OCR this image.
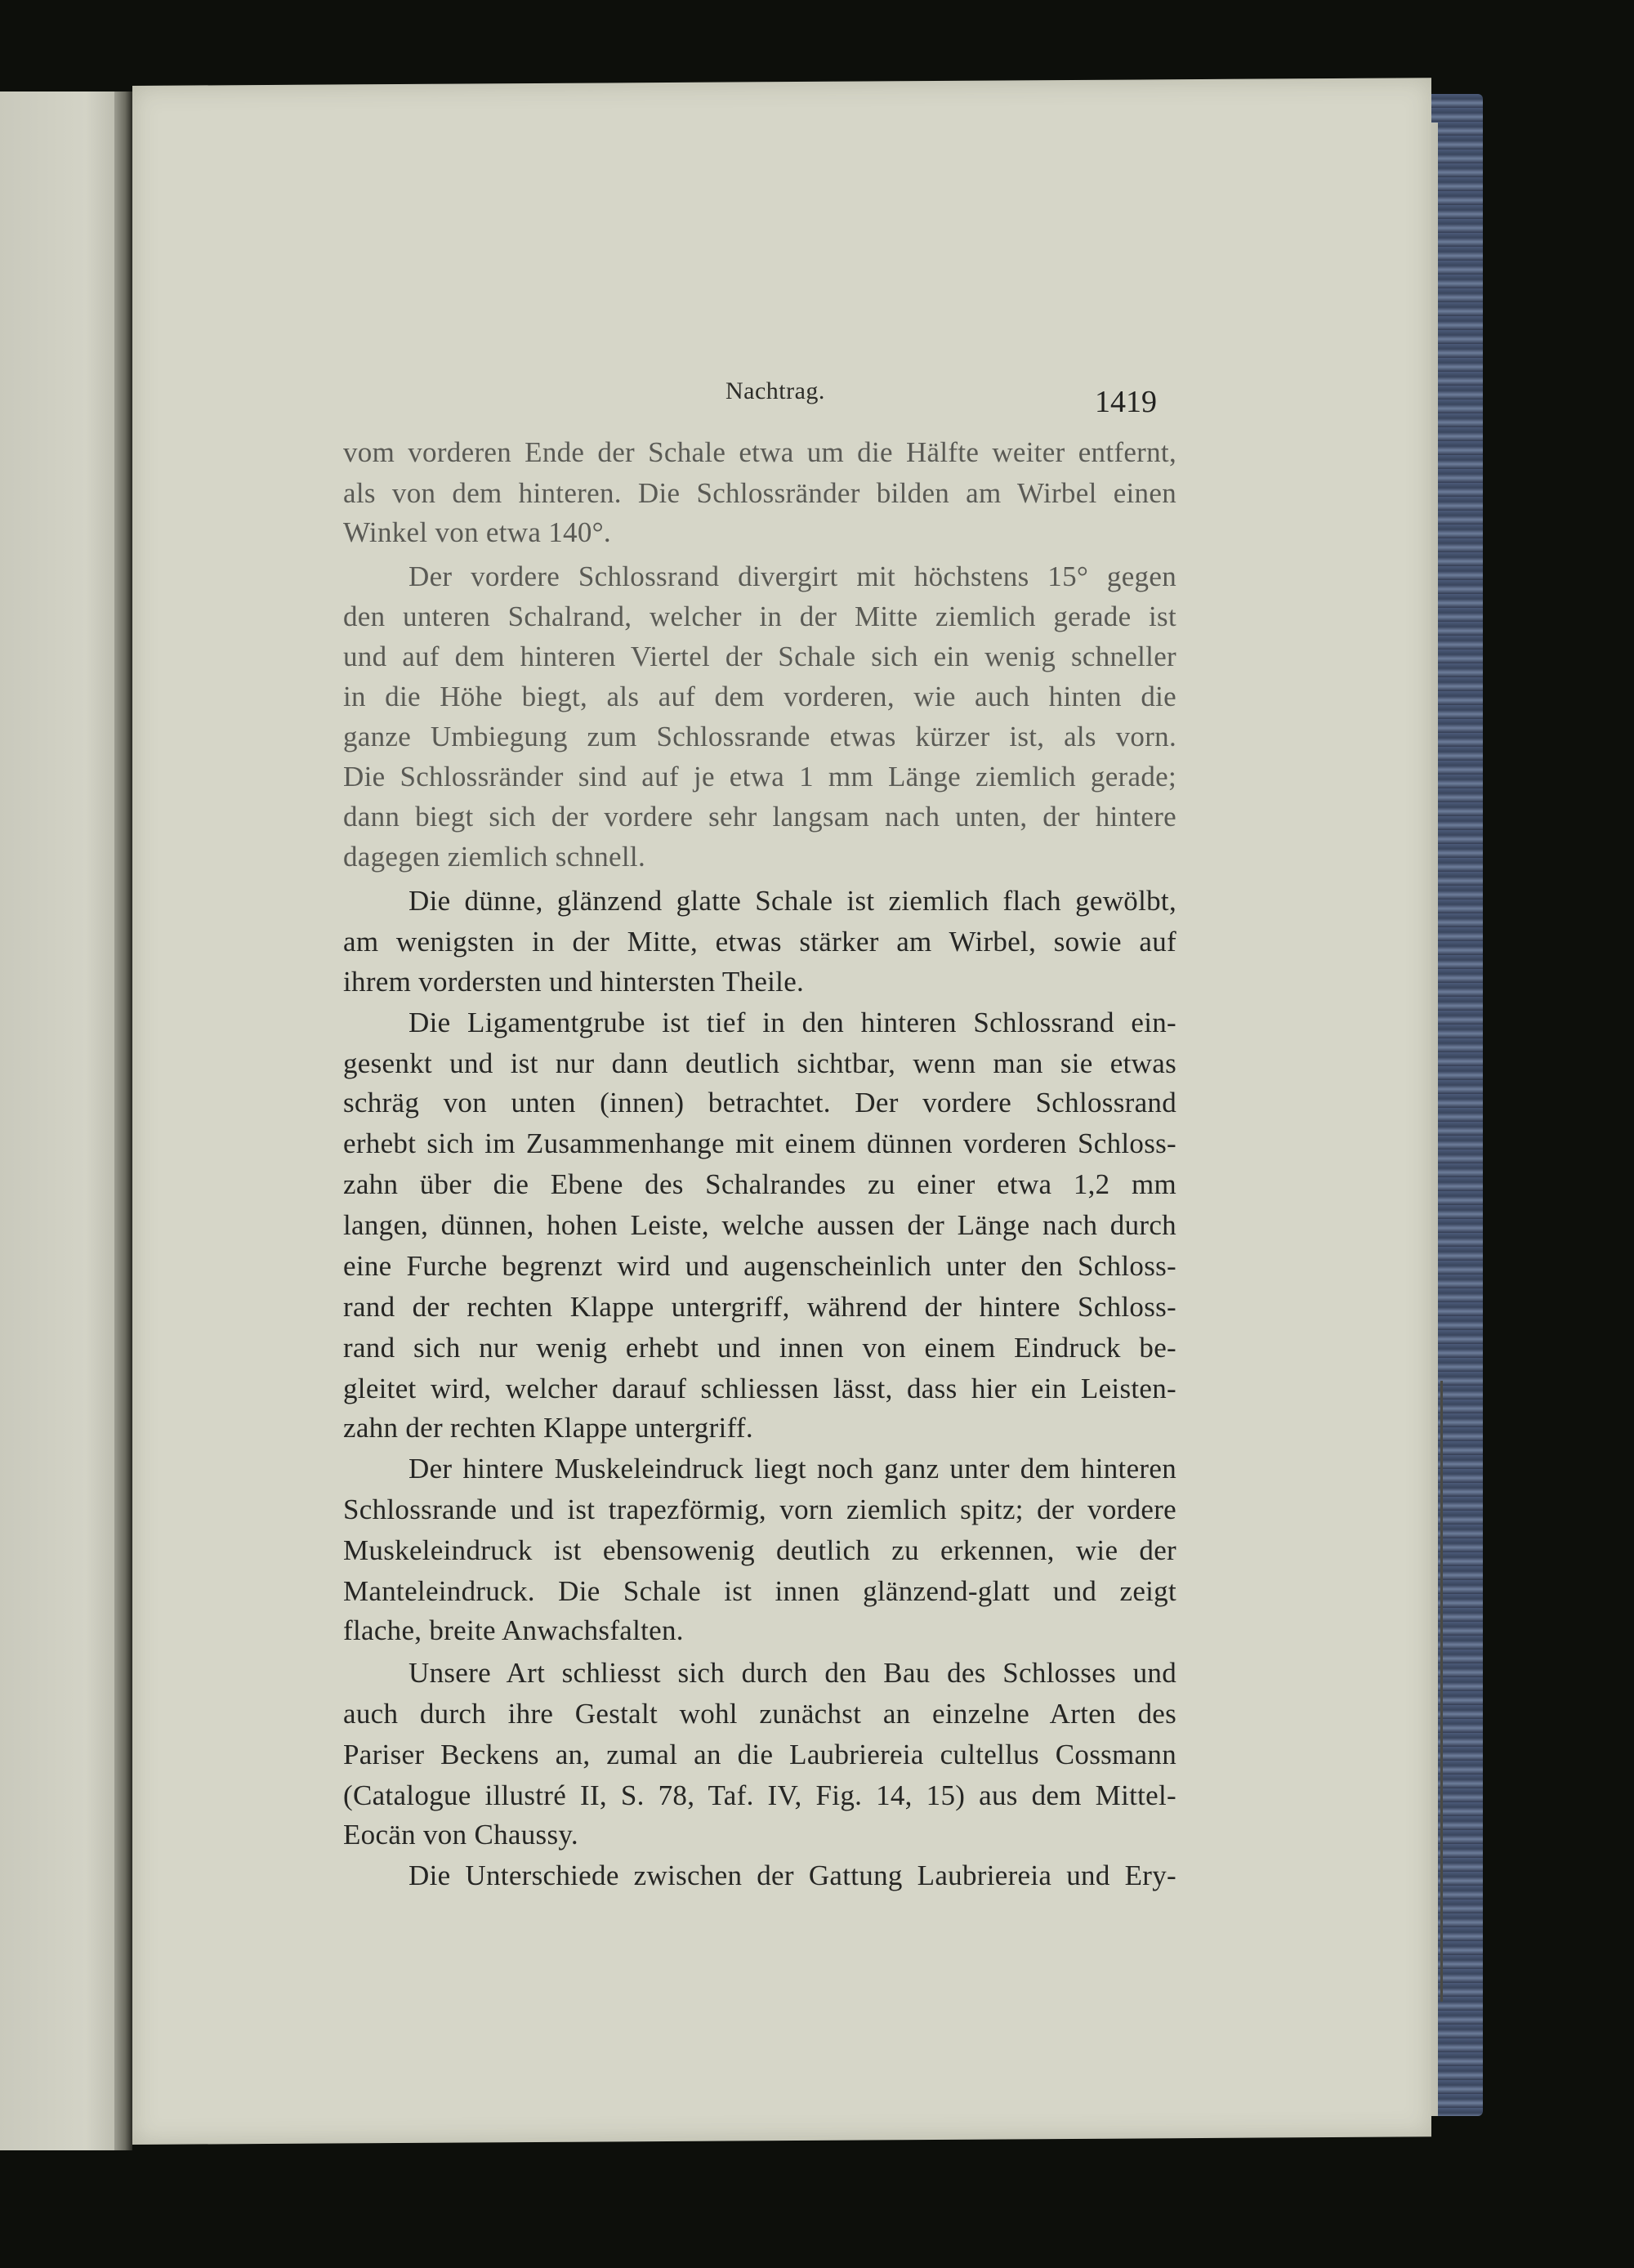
Nachtrag.	1419
vom vorderen Ende der Schale etwa um die Hälfte weiter entfernt,
als von dem hinteren. Die Schlossränder bilden am Wirbel einen
Winkel von etwa 140°.
Der vordere Schlossrand divergirt mit höchstens 15° gegen
den unteren Schalrand, welcher in der Mitte ziemlich gerade ist
und auf dem hinteren Viertel der Schale sich ein wenig schneller
in die Höhe biegt, als auf dem vorderen, wie auch hinten die
ganze Umbiegung zum Schlossrande etwas kürzer ist, als vorn.
Die Schlossränder sind auf je etwa 1 mm Länge ziemlich gerade;
dann biegt sich der vordere sehr langsam nach unten, der hintere
dagegen ziemlich schnell.
Die dünne, glänzend glatte Schale ist ziemlich flach gewölbt,
am wenigsten in der Mitte, etwas stärker am Wirbel, sowie auf
ihrem vordersten und hintersten Theile.
Die Ligamentgrube ist tief in den hinteren Schlossrand ein-
gesenkt und ist nur dann deutlich sichtbar, wenn man sie etwas
schräg von unten (innen) betrachtet. Der vordere Schlossrand
erhebt sich im Zusammenhange mit einem dünnen vorderen Schloss-
zahn über die Ebene des Schalrandes zu einer etwa 1,2 mm
langen, dünnen, hohen Leiste, welche aussen der Länge nach durch
eine Furche begrenzt wird und augenscheinlich unter den Schloss-
rand der rechten Klappe untergriff, während der hintere Schloss-
rand sich nur wenig erhebt und innen von einem Eindruck be-
gleitet wird, welcher darauf schliessen lässt, dass hier ein Leisten-
zahn der rechten Klappe untergriff.
Der hintere Muskeleindruck liegt noch ganz unter dem hinteren
Schlossrande und ist trapezförmig, vorn ziemlich spitz; der vordere
Muskeleindruck ist ebensowenig deutlich zu erkennen, wie der
Manteleindruck. Die Schale ist innen glänzend-glatt und zeigt
flache, breite Anwachsfalten.
Unsere Art schliesst sich durch den Bau des Schlosses und
auch durch ihre Gestalt wohl zunächst an einzelne Arten des
Pariser Beckens an, zumal an die Laubriereia cultellus Cossmann
(Catalogue illustré II, S. 78, Taf. IV, Fig. 14, 15) aus dem Mittel-
Eocän von Chaussy.
Die Unterschiede zwischen der Gattung Laubriereia und Ery-
